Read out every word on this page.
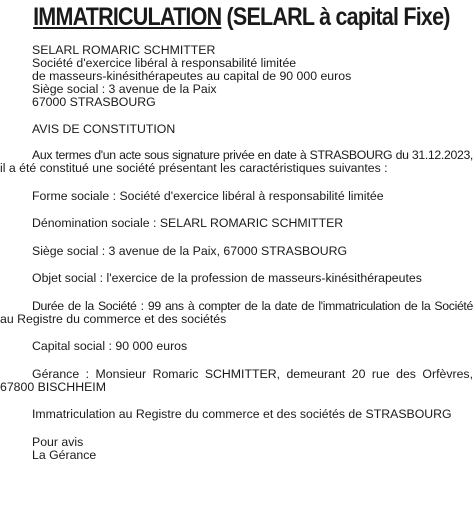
IMMATRICULATION (SELARL à capital Fixe)
SELARL ROMARIC SCHMITTER
Société d'exercice libéral à responsabilité limitée
de masseurs-kinésithérapeutes au capital de 90 000 euros
Siège social : 3 avenue de la Paix
67000 STRASBOURG
AVIS DE CONSTITUTION
Aux termes d'un acte sous signature privée en date à STRASBOURG du 31.12.2023,
il a été constitué une société présentant les caractéristiques suivantes :
Forme sociale : Société d'exercice libéral à responsabilité limitée
Dénomination sociale : SELARL ROMARIC SCHMITTER
Siège social : 3 avenue de la Paix, 67000 STRASBOURG
Objet social : l'exercice de la profession de masseurs-kinésithérapeutes
Durée de la Société : 99 ans à compter de la date de l'immatriculation de la Société
au Registre du commerce et des sociétés
Capital social : 90 000 euros
Gérance : Monsieur Romaric SCHMITTER, demeurant 20 rue des Orfèvres,
67800 BISCHHEIM
Immatriculation au Registre du commerce et des sociétés de STRASBOURG
Pour avis
La Gérance
